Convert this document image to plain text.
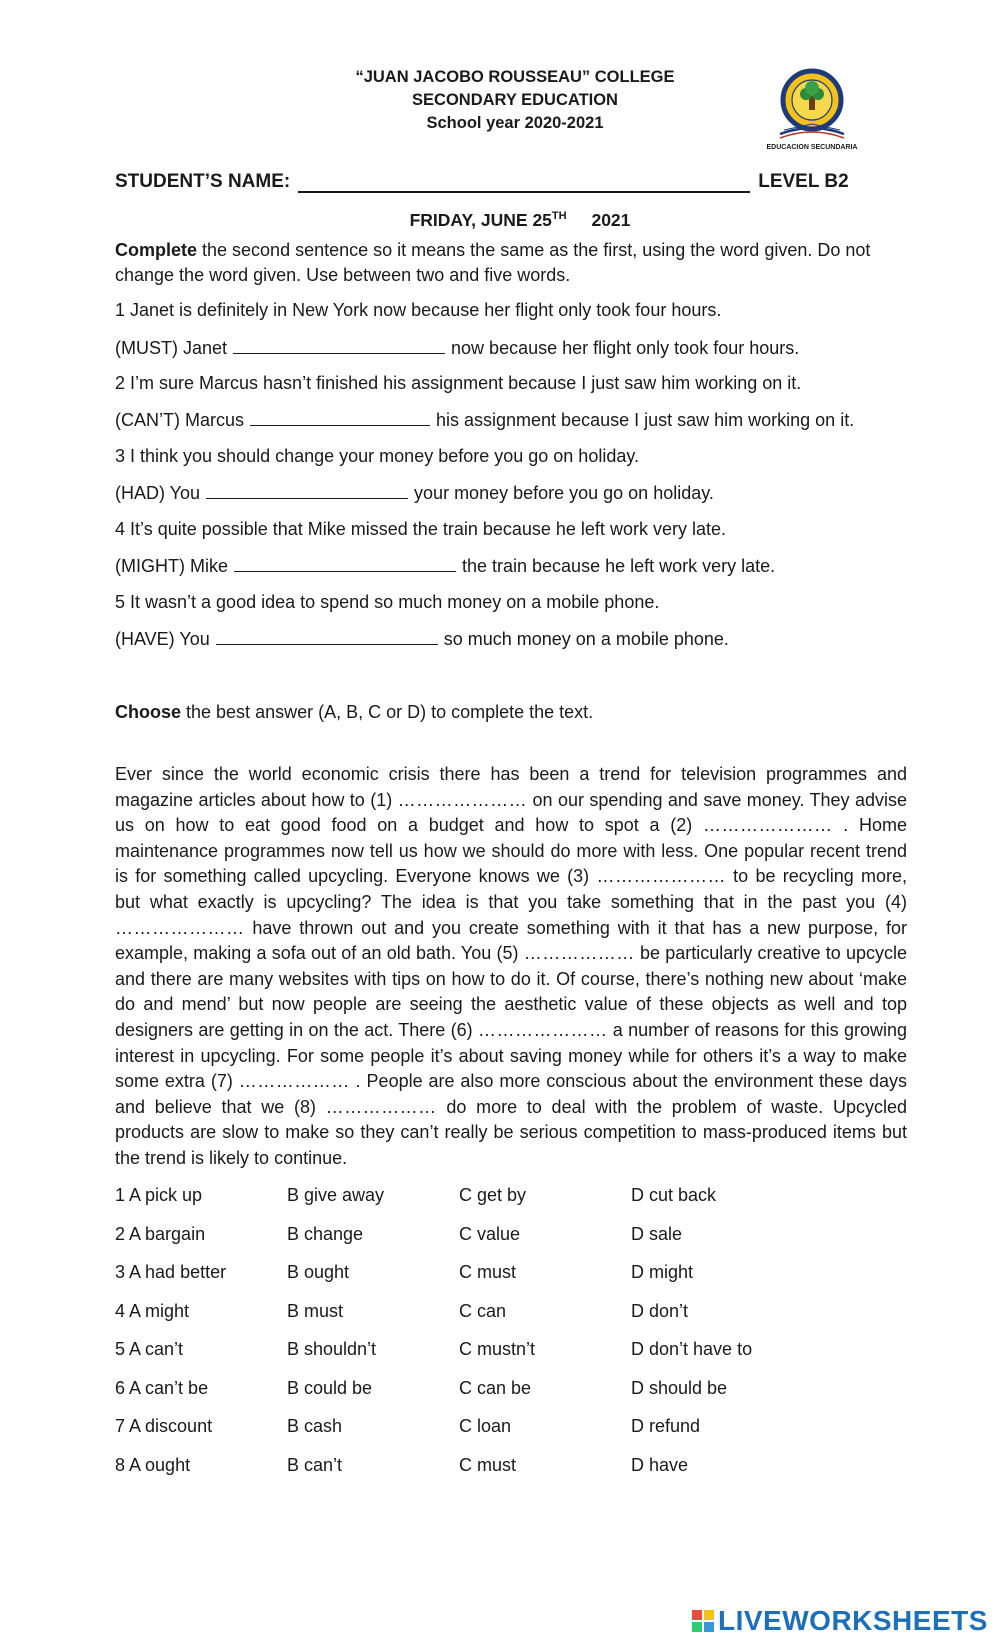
“JUAN JACOBO ROUSSEAU” COLLEGE
SECONDARY EDUCATION
School year 2020-2021
EDUCACION SECUNDARIA
STUDENT’S NAME:	LEVEL B2
FRIDAY, JUNE 25TH 2021
Complete the second sentence so it means the same as the first, using the word given. Do not change the word given. Use between two and five words.
1 Janet is definitely in New York now because her flight only took four hours.
(MUST) Janet	now because her flight only took four hours.
2 I’m sure Marcus hasn’t finished his assignment because I just saw him working on it.
(CAN’T) Marcus	his assignment because I just saw him working on it.
3 I think you should change your money before you go on holiday.
(HAD) You	your money before you go on holiday.
4 It’s quite possible that Mike missed the train because he left work very late.
(MIGHT) Mike	the train because he left work very late.
5 It wasn’t a good idea to spend so much money on a mobile phone.
(HAVE) You	so much money on a mobile phone.
Choose the best answer (A, B, C or D) to complete the text.
Ever since the world economic crisis there has been a trend for television programmes and magazine articles about how to (1) ………………… on our spending and save money. They advise us on how to eat good food on a budget and how to spot a (2) ………………… . Home maintenance programmes now tell us how we should do more with less. One popular recent trend is for something called upcycling. Everyone knows we (3) ………………… to be recycling more, but what exactly is upcycling? The idea is that you take something that in the past you (4) ………………… have thrown out and you create something with it that has a new purpose, for example, making a sofa out of an old bath. You (5) ……………… be particularly creative to upcycle and there are many websites with tips on how to do it. Of course, there’s nothing new about ‘make do and mend’ but now people are seeing the aesthetic value of these objects as well and top designers are getting in on the act. There (6) ………………… a number of reasons for this growing interest in upcycling. For some people it’s about saving money while for others it’s a way to make some extra (7) ……………… . People are also more conscious about the environment these days and believe that we (8) ……………… do more to deal with the problem of waste. Upcycled products are slow to make so they can’t really be serious competition to mass-produced items but the trend is likely to continue.
1 A pick up	B give away	C get by	D cut back
2 A bargain	B change	C value	D sale
3 A had better	B ought	C must	D might
4 A might	B must	C can	D don’t
5 A can’t	B shouldn’t	C mustn’t	D don’t have to
6 A can’t be	B could be	C can be	D should be
7 A discount	B cash	C loan	D refund
8 A ought	B can’t	C must	D have
LIVEWORKSHEETS
